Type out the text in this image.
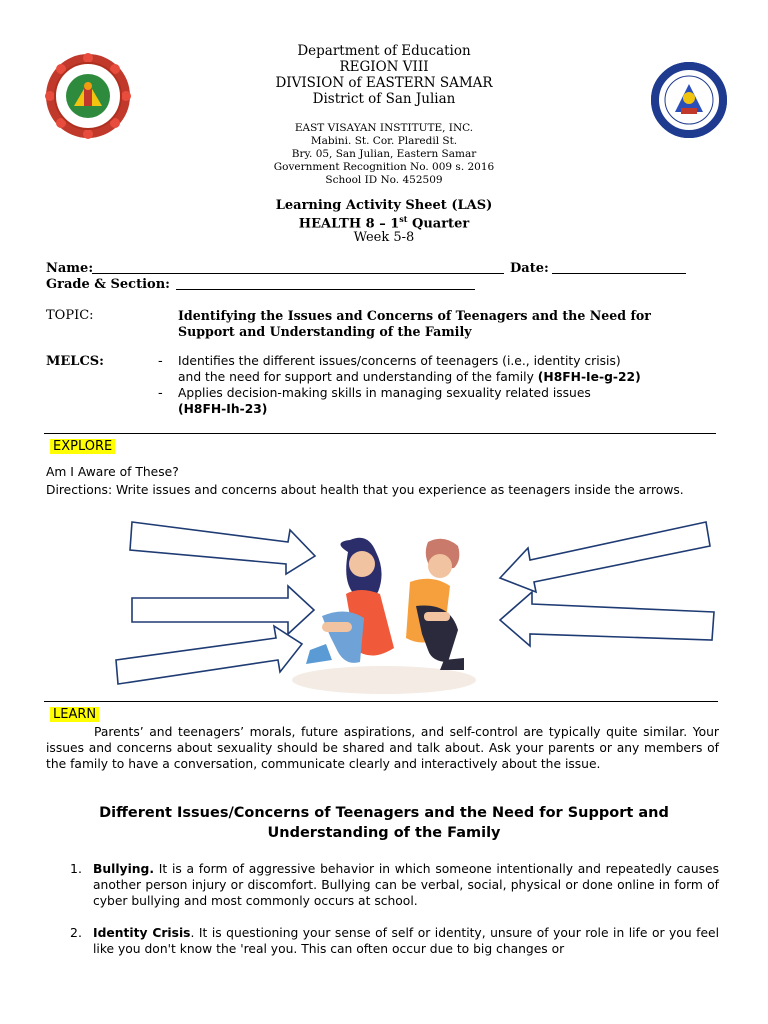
Department of Education
REGION VIII
DIVISION of EASTERN SAMAR
District of San Julian
EAST VISAYAN INSTITUTE, INC.
Mabini. St. Cor. Plaredil St.
Bry. 05, San Julian, Eastern Samar
Government Recognition No. 009 s. 2016
School ID No. 452509
Learning Activity Sheet (LAS)
HEALTH 8 – 1st Quarter
Week 5-8
Name:	Date:
Grade & Section:
TOPIC:	Identifying the Issues and Concerns of Teenagers and the Need for
Support and Understanding of the Family
MELCS:	- Identifies the different issues/concerns of teenagers (i.e., identity crisis)
and the need for support and understanding of the family (H8FH-Ie-g-22)
- Applies decision-making skills in managing sexuality related issues
(H8FH-Ih-23)
EXPLORE
Am I Aware of These?
Directions: Write issues and concerns about health that you experience as teenagers inside the arrows.
LEARN
Parents’ and teenagers’ morals, future aspirations, and self-control are typically quite similar. Your issues and concerns about sexuality should be shared and talk about. Ask your parents or any members of the family to have a conversation, communicate clearly and interactively about the issue.
Different Issues/Concerns of Teenagers and the Need for Support and
Understanding of the Family
1. Bullying. It is a form of aggressive behavior in which someone intentionally and repeatedly causes another person injury or discomfort. Bullying can be verbal, social, physical or done online in form of cyber bullying and most commonly occurs at school.
2. Identity Crisis. It is questioning your sense of self or identity, unsure of your role in life or you feel like you don't know the 'real you. This can often occur due to big changes or
